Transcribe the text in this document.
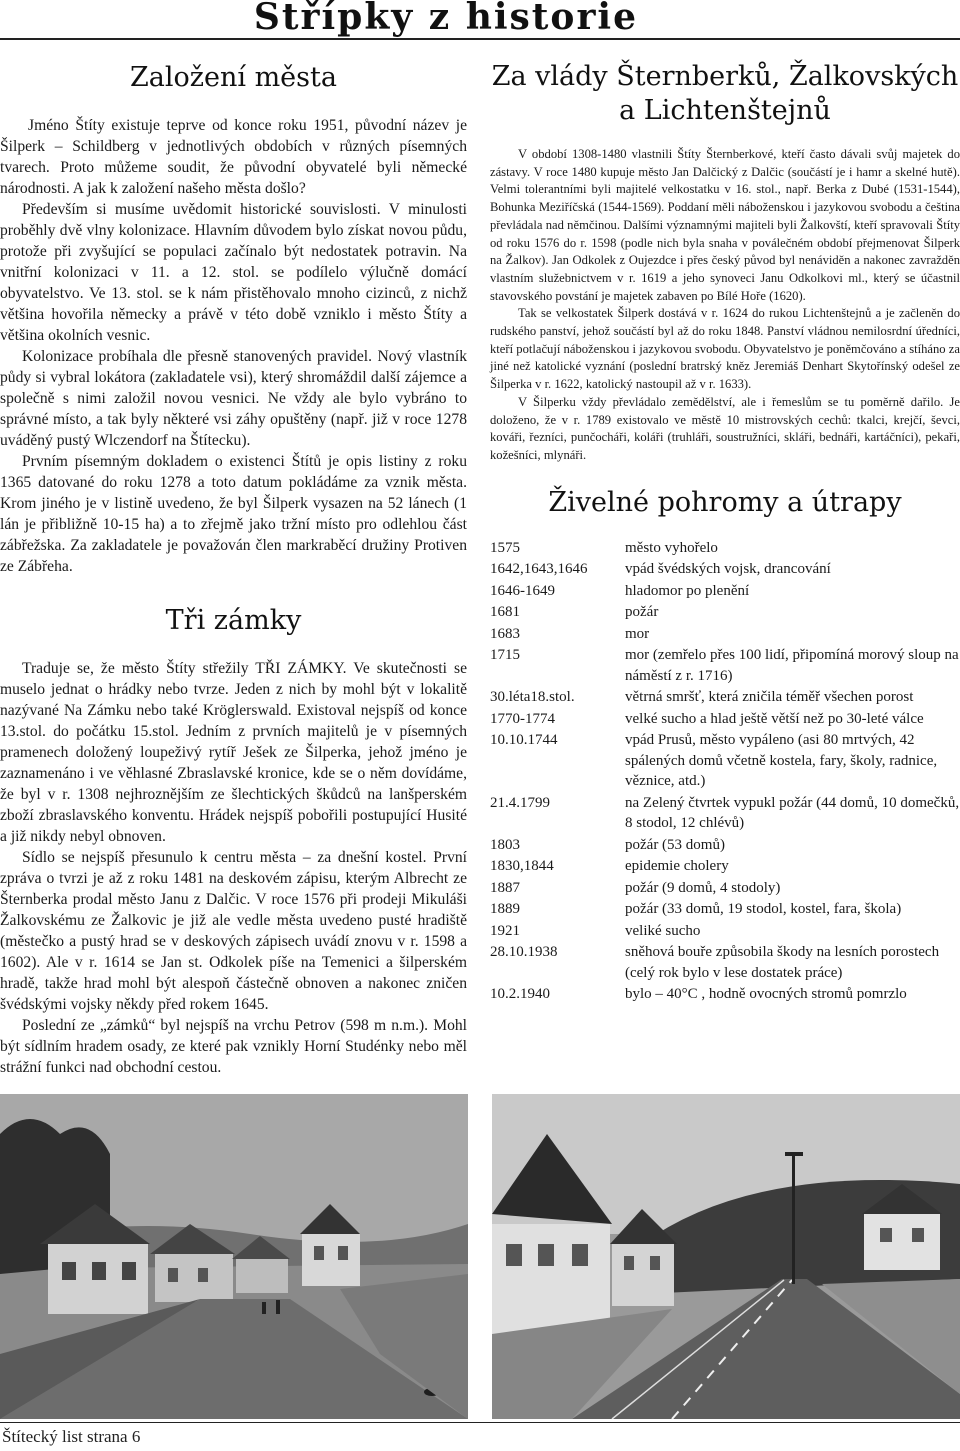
Střípky z historie
Založení města

Jméno Štíty existuje teprve od konce roku 1951, původní název je Šilperk – Schildberg v jednotlivých obdobích v různých písemných tvarech. Proto můžeme soudit, že původní obyvatelé byli německé národnosti. A jak k založení našeho města došlo?

Především si musíme uvědomit historické souvislosti. V minulosti proběhly dvě vlny kolonizace. Hlavním důvodem bylo získat novou půdu, protože při zvyšující se populaci začínalo být nedostatek potravin. Na vnitřní kolonizaci v 11. a 12. stol. se podílelo výlučně domácí obyvatelstvo. Ve 13. stol. se k nám přistěhovalo mnoho cizinců, z nichž většina hovořila německy a právě v této době vzniklo i město Štíty a většina okolních vesnic.

Kolonizace probíhala dle přesně stanovených pravidel. Nový vlastník půdy si vybral lokátora (zakladatele vsi), který shromáždil další zájemce a společně s nimi založil novou vesnici. Ne vždy ale bylo vybráno to správné místo, a tak byly některé vsi záhy opuštěny (např. již v roce 1278 uváděný pustý Wlczendorf na Štítecku).

Prvním písemným dokladem o existenci Štítů je opis listiny z roku 1365 datované do roku 1278 a toto datum pokládáme za vznik města. Krom jiného je v listině uvedeno, že byl Šilperk vysazen na 52 lánech (1 lán je přibližně 10-15 ha) a to zřejmě jako tržní místo pro odlehlou část zábřežska. Za zakladatele je považován člen markraběcí družiny Protiven ze Zábřeha.

Tři zámky

Traduje se, že město Štíty střežily TŘI ZÁMKY. Ve skutečnosti se muselo jednat o hrádky nebo tvrze. Jeden z nich by mohl být v lokalitě nazývané Na Zámku nebo také Kröglerswald. Existoval nejspíš od konce 13.stol. do počátku 15.stol. Jedním z prvních majitelů je v písemných pramenech doložený loupeživý rytíř Ješek ze Šilperka, jehož jméno je zaznamenáno i ve věhlasné Zbraslavské kronice, kde se o něm dovídáme, že byl v r. 1308 nejhroznějším ze šlechtických škůdců na lanšperském zboží zbraslavského konventu. Hrádek nejspíš pobořili postupující Husité a již nikdy nebyl obnoven.

Sídlo se nejspíš přesunulo k centru města – za dnešní kostel. První zpráva o tvrzi je až z roku 1481 na deskovém zápisu, kterým Albrecht ze Šternberka prodal město Janu z Dalčic. V roce 1576 při prodeji Mikuláši Žalkovskému ze Žalkovic je již ale vedle města uvedeno pusté hradiště (městečko a pustý hrad se v deskových zápisech uvádí znovu v r. 1598 a 1602). Ale v r. 1614 se Jan st. Odkolek píše na Temenici a šilperském hradě, takže hrad mohl být alespoň částečně obnoven a nakonec zničen švédskými vojsky někdy před rokem 1645.

Poslední ze „zámků“ byl nejspíš na vrchu Petrov (598 m n.m.). Mohl být sídlním hradem osady, ze které pak vznikly Horní Studénky nebo měl strážní funkci nad obchodní cestou.

Za vlády Šternberků, Žalkovských
a Lichtenštejnů

V období 1308-1480 vlastnili Štíty Šternberkové, kteří často dávali svůj majetek do zástavy. V roce 1480 kupuje město Jan Dalčický z Dalčic (součástí je i hamr a skelné hutě). Velmi tolerantními byli majitelé velkostatku v 16. stol., např. Berka z Dubé (1531-1544), Bohunka Meziříčská (1544-1569). Poddaní měli náboženskou i jazykovou svobodu a čeština převládala nad němčinou. Dalšími významnými majiteli byli Žalkovští, kteří spravovali Štíty od roku 1576 do r. 1598 (podle nich byla snaha v poválečném období přejmenovat Šilperk na Žalkov). Jan Odkolek z Oujezdce i přes český původ byl nenáviděn a nakonec zavražděn vlastním služebnictvem v r. 1619 a jeho synoveci Janu Odkolkovi ml., který se účastnil stavovského povstání je majetek zabaven po Bílé Hoře (1620).

Tak se velkostatek Šilperk dostává v r. 1624 do rukou Lichtenštejnů a je začleněn do rudského panství, jehož součástí byl až do roku 1848. Panství vládnou nemilosrdní úředníci, kteří potlačují náboženskou i jazykovou svobodu. Obyvatelstvo je poněmčováno a stíháno za jiné než katolické vyznání (poslední bratrský kněz Jeremiáš Denhart Skytořínský odešel ze Šilperka v r. 1622, katolický nastoupil až v r. 1633).

V Šilperku vždy převládalo zemědělství, ale i řemeslům se tu poměrně dařilo. Je doloženo, že v r. 1789 existovalo ve městě 10 mistrovských cechů: tkalci, krejčí, ševci, kováři, řezníci, punčocháři, koláři (truhláři, soustružníci, skláři, bednáři, kartáčníci), pekaři, kožešníci, mlynáři.

Živelné pohromy a útrapy
1575	město vyhořelo
1642,1643,1646	vpád švédských vojsk, drancování
1646-1649	hladomor po plenění
1681	požár
1683	mor
1715	mor (zemřelo přes 100 lidí, připomíná morový sloup na náměstí z r. 1716)
30.léta18.stol.	větrná smršť, která zničila téměř všechen porost
1770-1774	velké sucho a hlad ještě větší než po 30-leté válce
10.10.1744	vpád Prusů, město vypáleno (asi 80 mrtvých, 42 spálených domů včetně kostela, fary, školy, radnice, věznice, atd.)
21.4.1799	na Zelený čtvrtek vypukl požár (44 domů, 10 domečků, 8 stodol, 12 chlévů)
1803	požár (53 domů)
1830,1844	epidemie cholery
1887	požár (9 domů, 4 stodoly)
1889	požár (33 domů, 19 stodol, kostel, fara, škola)
1921	veliké sucho
28.10.1938	sněhová bouře způsobila škody na lesních porostech (celý rok bylo v lese dostatek práce)
10.2.1940	bylo – 40°C , hodně ovocných stromů pomrzlo
Štítecký list strana 6
